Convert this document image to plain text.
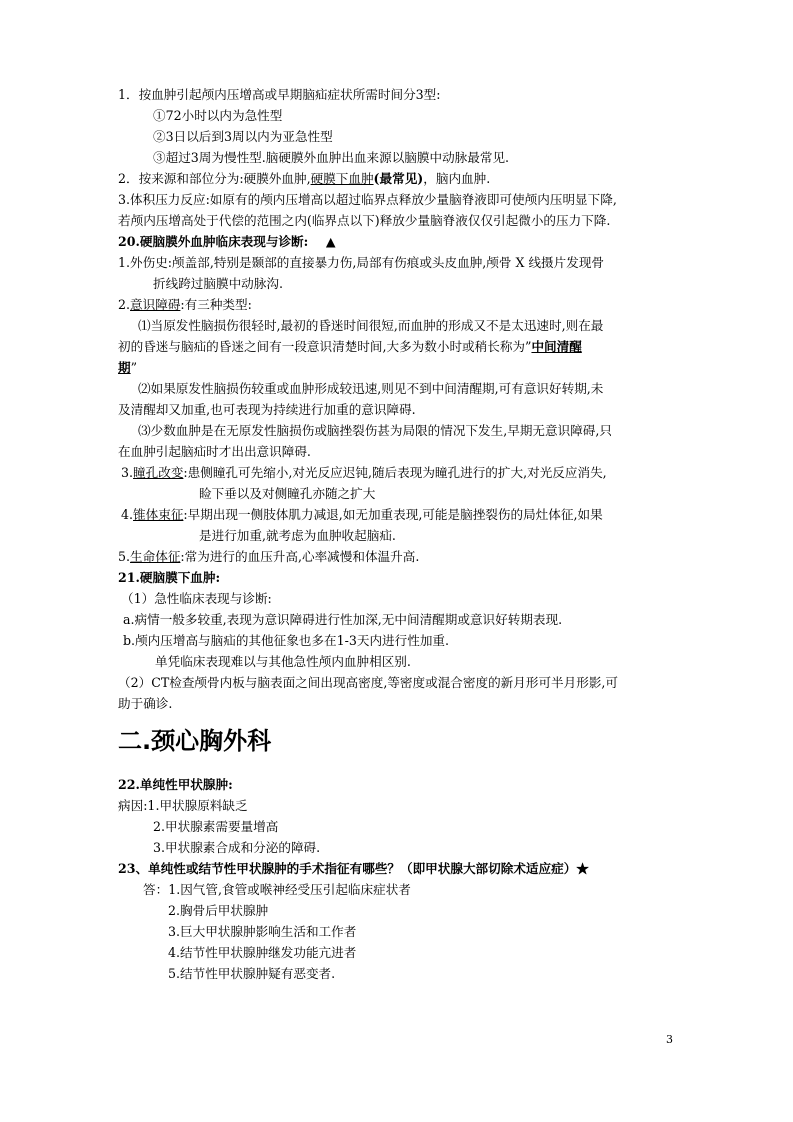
1．按血肿引起颅内压增高或早期脑疝症状所需时间分3型:
①72小时以内为急性型
②3日以后到3周以内为亚急性型
③超过3周为慢性型.脑硬膜外血肿出血来源以脑膜中动脉最常见.
2．按来源和部位分为:硬膜外血肿,硬膜下血肿(最常见)，脑内血肿.
3.体积压力反应:如原有的颅内压增高以超过临界点释放少量脑脊液即可使颅内压明显下降,
若颅内压增高处于代偿的范围之内(临界点以下)释放少量脑脊液仅仅引起微小的压力下降.
20.硬脑膜外血肿临床表现与诊断: ▲
1.外伤史:颅盖部,特别是颞部的直接暴力伤,局部有伤痕或头皮血肿,颅骨 X 线摄片发现骨
折线跨过脑膜中动脉沟.
2.意识障碍:有三种类型:
⑴当原发性脑损伤很轻时,最初的昏迷时间很短,而血肿的形成又不是太迅速时,则在最
初的昏迷与脑疝的昏迷之间有一段意识清楚时间,大多为数小时或稍长称为”中间清醒
期”
⑵如果原发性脑损伤较重或血肿形成较迅速,则见不到中间清醒期,可有意识好转期,未
及清醒却又加重,也可表现为持续进行加重的意识障碍.
⑶少数血肿是在无原发性脑损伤或脑挫裂伤甚为局限的情况下发生,早期无意识障碍,只
在血肿引起脑疝时才出出意识障碍.
3.瞳孔改变:患侧瞳孔可先缩小,对光反应迟钝,随后表现为瞳孔进行的扩大,对光反应消失,
睑下垂以及对侧瞳孔亦随之扩大
4.锥体束征:早期出现一侧肢体肌力减退,如无加重表现,可能是脑挫裂伤的局灶体征,如果
是进行加重,就考虑为血肿收起脑疝.
5.生命体征:常为进行的血压升高,心率减慢和体温升高.
21.硬脑膜下血肿:
（1）急性临床表现与诊断:
a.病情一般多较重,表现为意识障碍进行性加深,无中间清醒期或意识好转期表现.
b.颅内压增高与脑疝的其他征象也多在1-3天内进行性加重.
单凭临床表现难以与其他急性颅内血肿相区别.
（2）CT检查颅骨内板与脑表面之间出现高密度,等密度或混合密度的新月形可半月形影,可
助于确诊.
二.颈心胸外科
22.单纯性甲状腺肿:
病因:1.甲状腺原料缺乏
2.甲状腺素需要量增高
3.甲状腺素合成和分泌的障碍.
23、单纯性或结节性甲状腺肿的手术指征有哪些？（即甲状腺大部切除术适应症）★
答：1.因气管,食管或喉神经受压引起临床症状者
2.胸骨后甲状腺肿
3.巨大甲状腺肿影响生活和工作者
4.结节性甲状腺肿继发功能亢进者
5.结节性甲状腺肿疑有恶变者.
3
